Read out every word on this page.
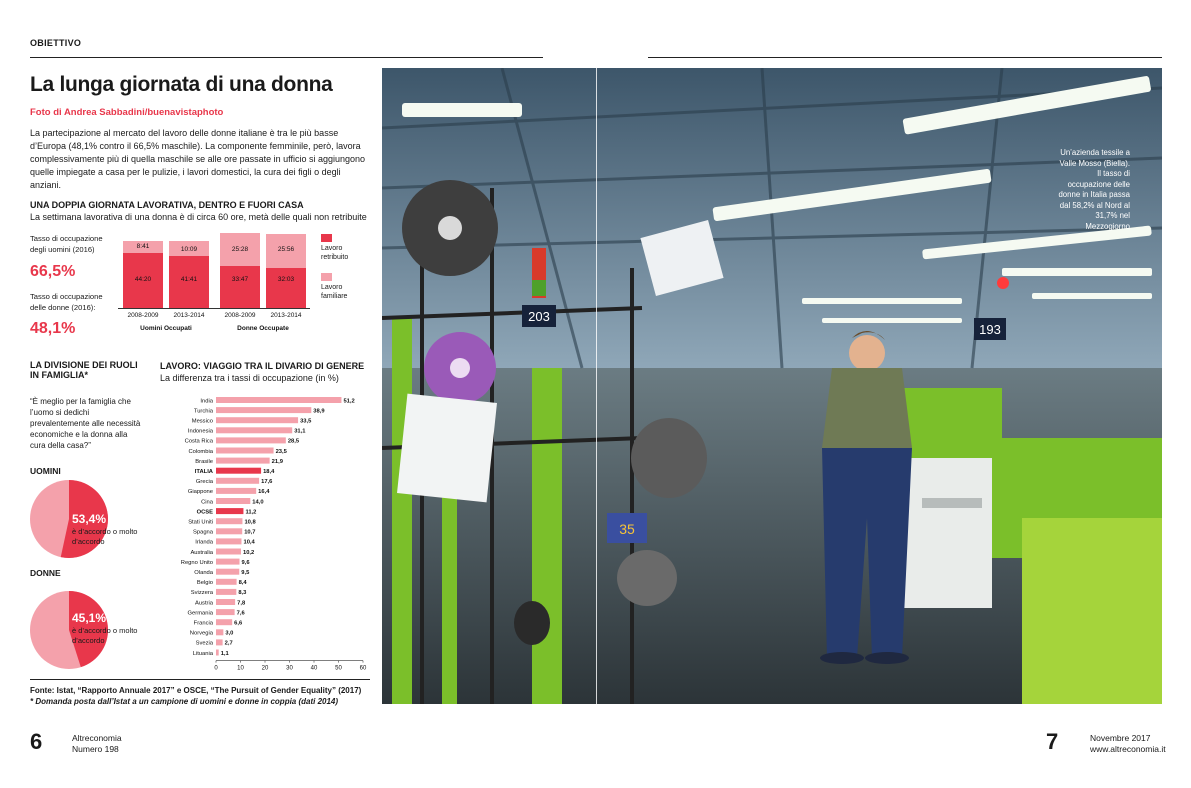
OBIETTIVO
La lunga giornata di una donna
Foto di Andrea Sabbadini/buenavistaphoto
La partecipazione al mercato del lavoro delle donne italiane è tra le più basse d’Europa (48,1% contro il 66,5% maschile). La componente femminile, però, lavora complessivamente più di quella maschile se alle ore passate in ufficio si aggiungono quelle impiegate a casa per le pulizie, i lavori domestici, la cura dei figli o degli anziani.
UNA DOPPIA GIORNATA LAVORATIVA, DENTRO E FUORI CASA
La settimana lavorativa di una donna è di circa 60 ore, metà delle quali non retribuite
Tasso di occupazione degli uomini (2016)
66,5%
Tasso di occupazione delle donne (2016):
48,1%
8:41
44:20
10:09
41:41
25:28
33:47
25:56
32:03
2008-2009	2013-2014	2008-2009	2013-2014
Uomini Occupati	Donne Occupate
Lavoro retribuito
Lavoro familiare
LA DIVISIONE DEI RUOLI IN FAMIGLIA*
“È meglio per la famiglia che l’uomo si dedichi prevalentemente alle necessità economiche e la donna alla cura della casa?”
UOMINI
53,4%
è d’accordo o molto d’accordo
DONNE
45,1%
è d’accordo o molto d’accordo
LAVORO: VIAGGIO TRA IL DIVARIO DI GENERE
La differenza tra i tassi di occupazione (in %)
India	51,2
Turchia	38,9
Messico	33,5
Indonesia	31,1
Costa Rica	28,5
Colombia	23,5
Brasile	21,9
ITALIA	18,4
Grecia	17,6
Giappone	16,4
Cina	14,0
OCSE	11,2
Stati Uniti	10,8
Spagna	10,7
Irlanda	10,4
Australia	10,2
Regno Unito	9,6
Olanda	9,5
Belgio	8,4
Svizzera	8,3
Austria	7,8
Germania	7,6
Francia	6,6
Norvegia 3,0
Svezia 2,7
Lituania 1,1
0	10	20	30	40	50	60
Fonte: Istat, “Rapporto Annuale 2017” e OSCE, “The Pursuit of Gender Equality” (2017)
* Domanda posta dall’Istat a un campione di uomini e donne in coppia (dati 2014)
203
193
35
Un’azienda tessile a Valle Mosso (Biella). Il tasso di occupazione delle donne in Italia passa dal 58,2% al Nord al 31,7% nel Mezzogiorno
6	Altreconomia
Numero 198	7	Novembre 2017
www.altreconomia.it
